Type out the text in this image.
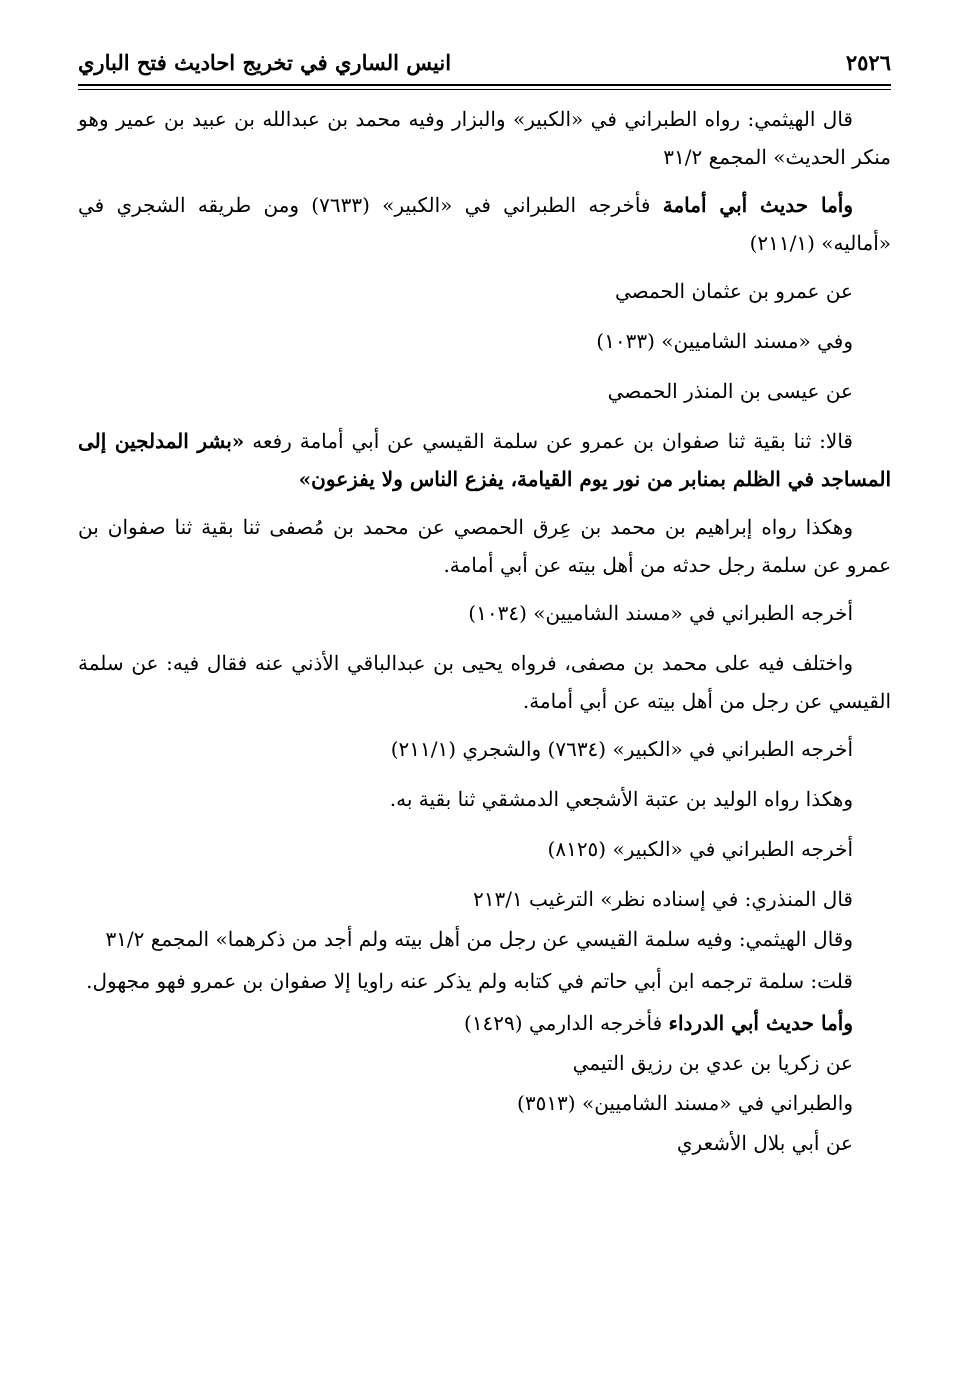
٢٥٢٦
انيس الساري في تخريج احاديث فتح الباري

قال الهيثمي: رواه الطبراني في «الكبير» والبزار وفيه محمد بن عبدالله بن عبيد بن عمير وهو منكر الحديث» المجمع ٣١/٢

وأما حديث أبي أمامة فأخرجه الطبراني في «الكبير» (٧٦٣٣) ومن طريقه الشجري في «أماليه» (٢١١/١)

عن عمرو بن عثمان الحمصي

وفي «مسند الشاميين» (١٠٣٣)

عن عيسى بن المنذر الحمصي

قالا: ثنا بقية ثنا صفوان بن عمرو عن سلمة القيسي عن أبي أمامة رفعه «بشر المدلجين إلى المساجد في الظلم بمنابر من نور يوم القيامة، يفزع الناس ولا يفزعون»

وهكذا رواه إبراهيم بن محمد بن عِرق الحمصي عن محمد بن مُصفى ثنا بقية ثنا صفوان بن عمرو عن سلمة رجل حدثه من أهل بيته عن أبي أمامة.

أخرجه الطبراني في «مسند الشاميين» (١٠٣٤)

واختلف فيه على محمد بن مصفى، فرواه يحيى بن عبدالباقي الأذني عنه فقال فيه: عن سلمة القيسي عن رجل من أهل بيته عن أبي أمامة.

أخرجه الطبراني في «الكبير» (٧٦٣٤) والشجري (٢١١/١)

وهكذا رواه الوليد بن عتبة الأشجعي الدمشقي ثنا بقية به.

أخرجه الطبراني في «الكبير» (٨١٢٥)

قال المنذري: في إسناده نظر» الترغيب ٢١٣/١

وقال الهيثمي: وفيه سلمة القيسي عن رجل من أهل بيته ولم أجد من ذكرهما» المجمع ٣١/٢

قلت: سلمة ترجمه ابن أبي حاتم في كتابه ولم يذكر عنه راويا إلا صفوان بن عمرو فهو مجهول.

وأما حديث أبي الدرداء فأخرجه الدارمي (١٤٢٩)

عن زكريا بن عدي بن رزيق التيمي

والطبراني في «مسند الشاميين» (٣٥١٣)

عن أبي بلال الأشعري
